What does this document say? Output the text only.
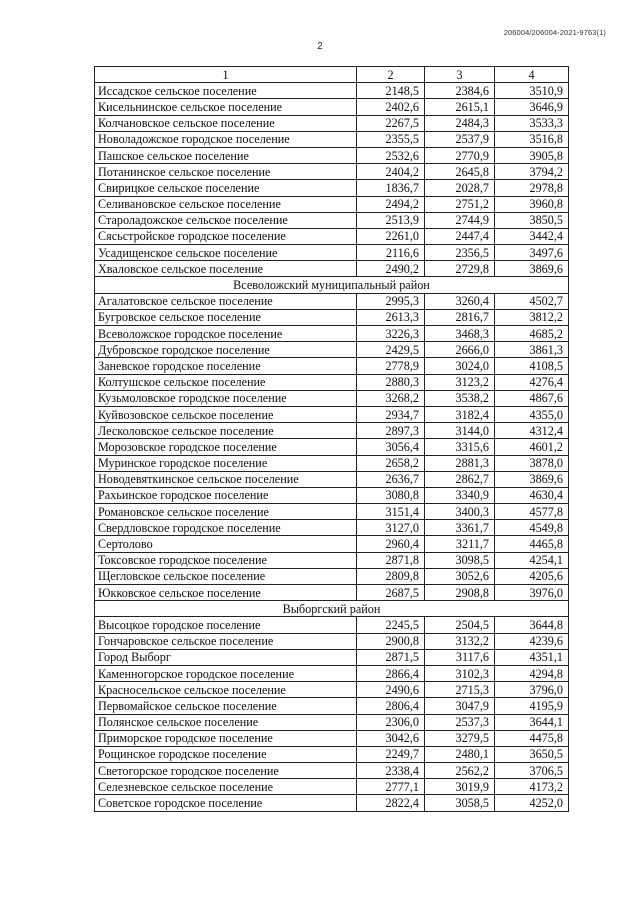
206004/206004-2021-9763(1)
2
1	2	3	4
Иссадское сельское поселение	2148,5	2384,6	3510,9
Кисельнинское сельское поселение	2402,6	2615,1	3646,9
Колчановское сельское поселение	2267,5	2484,3	3533,3
Новоладожское городское поселение	2355,5	2537,9	3516,8
Пашское сельское поселение	2532,6	2770,9	3905,8
Потанинское сельское поселение	2404,2	2645,8	3794,2
Свирицкое сельское поселение	1836,7	2028,7	2978,8
Селивановское сельское поселение	2494,2	2751,2	3960,8
Староладожское сельское поселение	2513,9	2744,9	3850,5
Сясьстройское городское поселение	2261,0	2447,4	3442,4
Усадищенское сельское поселение	2116,6	2356,5	3497,6
Хваловское сельское поселение	2490,2	2729,8	3869,6
Всеволожский муниципальный район			
Агалатовское сельское поселение	2995,3	3260,4	4502,7
Бугровское сельское поселение	2613,3	2816,7	3812,2
Всеволожское городское поселение	3226,3	3468,3	4685,2
Дубровское городское поселение	2429,5	2666,0	3861,3
Заневское городское поселение	2778,9	3024,0	4108,5
Колтушское сельское поселение	2880,3	3123,2	4276,4
Кузьмоловское городское поселение	3268,2	3538,2	4867,6
Куйвозовское сельское поселение	2934,7	3182,4	4355,0
Лесколовское сельское поселение	2897,3	3144,0	4312,4
Морозовское городское поселение	3056,4	3315,6	4601,2
Муринское городское поселение	2658,2	2881,3	3878,0
Новодевяткинское сельское поселение	2636,7	2862,7	3869,6
Рахьинское городское поселение	3080,8	3340,9	4630,4
Романовское сельское поселение	3151,4	3400,3	4577,8
Свердловское городское поселение	3127,0	3361,7	4549,8
Сертолово	2960,4	3211,7	4465,8
Токсовское городское поселение	2871,8	3098,5	4254,1
Щегловское сельское поселение	2809,8	3052,6	4205,6
Юкковское сельское поселение	2687,5	2908,8	3976,0
Выборгский район			
Высоцкое городское поселение	2245,5	2504,5	3644,8
Гончаровское сельское поселение	2900,8	3132,2	4239,6
Город Выборг	2871,5	3117,6	4351,1
Каменногорское городское поселение	2866,4	3102,3	4294,8
Красносельское сельское поселение	2490,6	2715,3	3796,0
Первомайское сельское поселение	2806,4	3047,9	4195,9
Полянское сельское поселение	2306,0	2537,3	3644,1
Приморское городское поселение	3042,6	3279,5	4475,8
Рощинское городское поселение	2249,7	2480,1	3650,5
Светогорское городское поселение	2338,4	2562,2	3706,5
Селезневское сельское поселение	2777,1	3019,9	4173,2
Советское городское поселение	2822,4	3058,5	4252,0
